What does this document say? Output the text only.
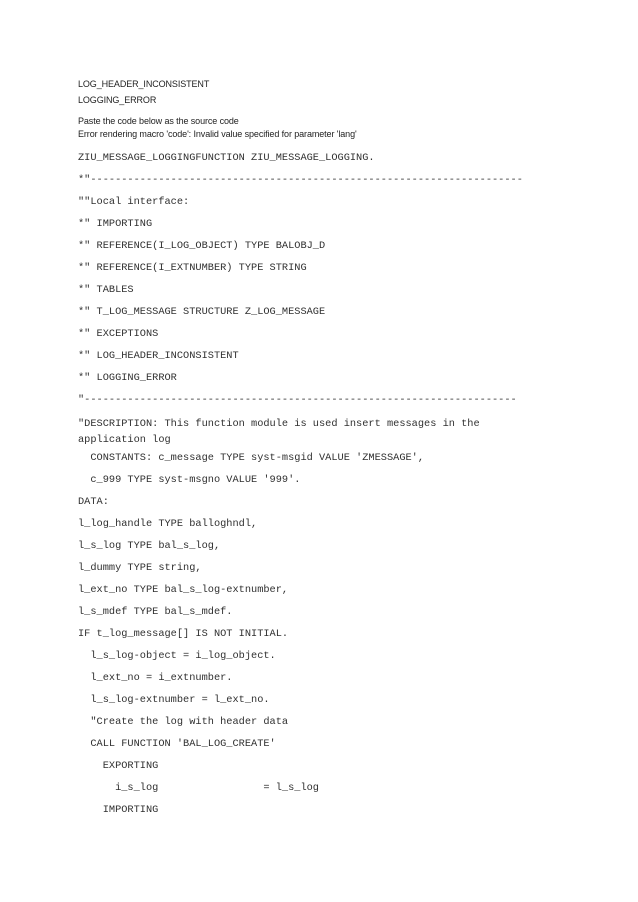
LOG_HEADER_INCONSISTENT
LOGGING_ERROR
Paste the code below as the source code
Error rendering macro 'code': Invalid value specified for parameter 'lang'
ZIU_MESSAGE_LOGGINGFUNCTION ZIU_MESSAGE_LOGGING.
*"----------------------------------------------------------------------
""Local interface:
*" IMPORTING
*" REFERENCE(I_LOG_OBJECT) TYPE BALOBJ_D
*" REFERENCE(I_EXTNUMBER) TYPE STRING
*" TABLES
*" T_LOG_MESSAGE STRUCTURE Z_LOG_MESSAGE
*" EXCEPTIONS
*" LOG_HEADER_INCONSISTENT
*" LOGGING_ERROR
"----------------------------------------------------------------------
"DESCRIPTION: This function module is used insert messages in the application log
CONSTANTS: c_message TYPE syst-msgid VALUE 'ZMESSAGE',
c_999 TYPE syst-msgno VALUE '999'.
DATA:
l_log_handle TYPE balloghndl,
l_s_log TYPE bal_s_log,
l_dummy TYPE string,
l_ext_no TYPE bal_s_log-extnumber,
l_s_mdef TYPE bal_s_mdef.
IF t_log_message[] IS NOT INITIAL.
l_s_log-object = i_log_object.
l_ext_no = i_extnumber.
l_s_log-extnumber = l_ext_no.
"Create the log with header data
CALL FUNCTION 'BAL_LOG_CREATE'
EXPORTING
i_s_log                 = l_s_log
IMPORTING
